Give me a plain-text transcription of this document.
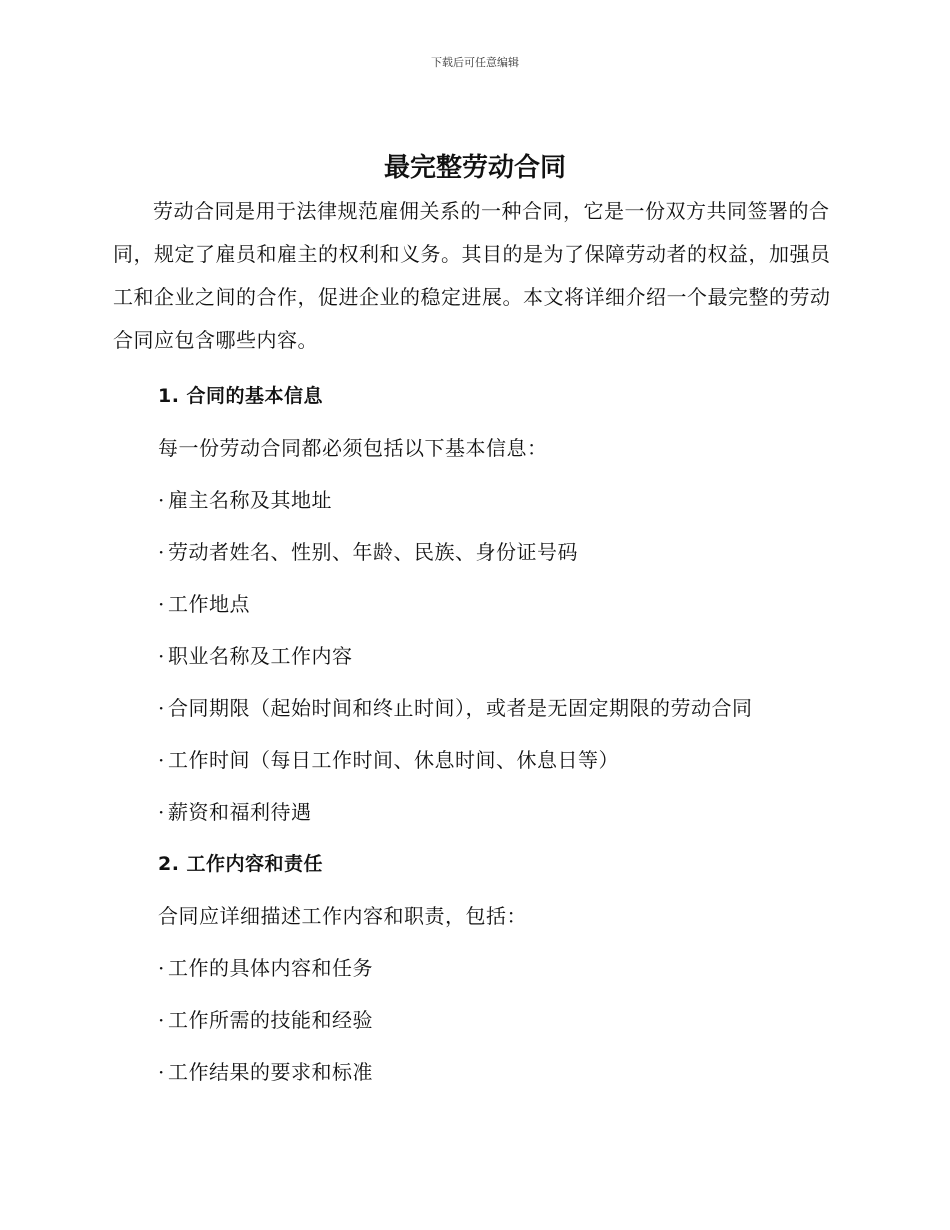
下载后可任意编辑
最完整劳动合同

劳动合同是用于法律规范雇佣关系的一种合同，它是一份双方共同签署的合同，规定了雇员和雇主的权利和义务。其目的是为了保障劳动者的权益，加强员工和企业之间的合作，促进企业的稳定进展。本文将详细介绍一个最完整的劳动合同应包含哪些内容。

1. 合同的基本信息
每一份劳动合同都必须包括以下基本信息：
· 雇主名称及其地址
· 劳动者姓名、性别、年龄、民族、身份证号码
· 工作地点
· 职业名称及工作内容
· 合同期限（起始时间和终止时间），或者是无固定期限的劳动合同
· 工作时间（每日工作时间、休息时间、休息日等）
· 薪资和福利待遇
2. 工作内容和责任
合同应详细描述工作内容和职责，包括：
· 工作的具体内容和任务
· 工作所需的技能和经验
· 工作结果的要求和标准
